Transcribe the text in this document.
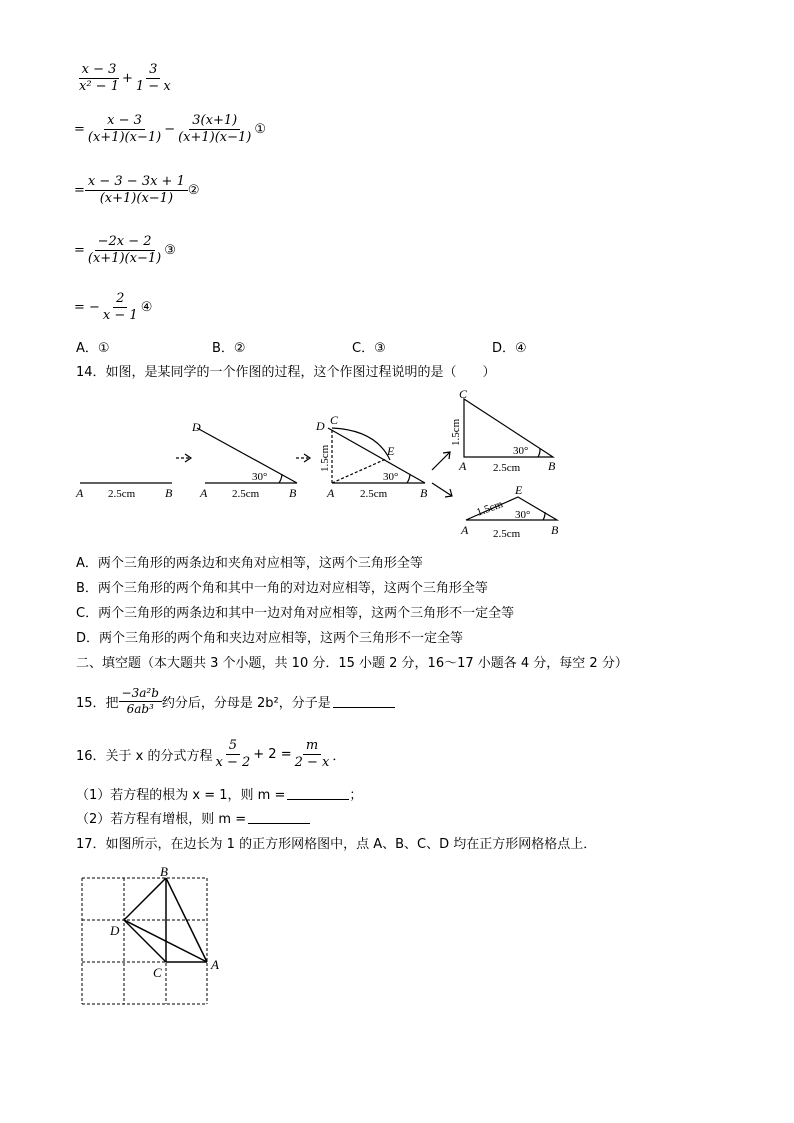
$\frac{x - 3}{\text{x² − 1}} + \frac{3}{1 - x}$
= $\frac{x - 3}{(x+1)(x-1)} - \frac{3(x+1)}{(x+1)(x-1)}$ ①
= $\frac{x - 3 - 3x + 1}{(x+1)(x-1)}$ ②
= $\frac{-2x - 2}{(x+1)(x-1)}$ ③
= − $\frac{2}{x - 1}$ ④
A．①	B．②	C．③	D．④
14．如图，是某同学的一个作图的过程，这个作图过程说明的是（　　）
A	B A	B
D
A	B
D C
E
C
A	B
A	B
E
2.5cm	2.5cm	2.5cm
2.5cm
2.5cm
30°	30°
30°
30°
1.5cm
1.5cm
1.5cm
A．两个三角形的两条边和夹角对应相等，这两个三角形全等
B．两个三角形的两个角和其中一角的对边对应相等，这两个三角形全等
C．两个三角形的两条边和其中一边对角对应相等，这两个三角形不一定全等
D．两个三角形的两个角和夹边对应相等，这两个三角形不一定全等
二、填空题（本大题共 3 个小题，共 10 分．15 小题 2 分，16～17 小题各 4 分，每空 2 分）
15．把 $\frac{\text{−3a²b}}{\text{6ab³}}$ 约分后，分母是 2b²，分子是
16．关于 x 的分式方程 $\frac{5}{x - 2} + 2 = \frac{m}{2 - x}$ ．
（1）若方程的根为 x = 1，则 m =	；
（2）若方程有增根，则 m =
17．如图所示，在边长为 1 的正方形网格图中，点 A、B、C、D 均在正方形网格格点上．
B
D
C
A
